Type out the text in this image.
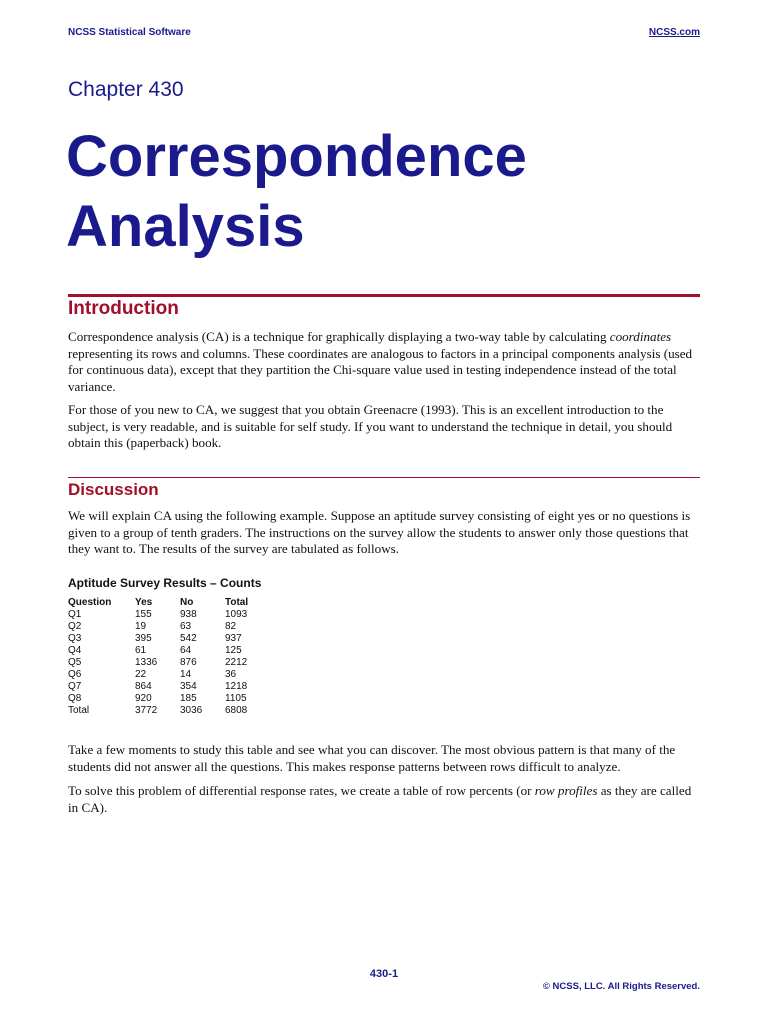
NCSS Statistical Software	NCSS.com
Chapter 430
Correspondence
Analysis
Introduction

Correspondence analysis (CA) is a technique for graphically displaying a two-way table by calculating coordinates representing its rows and columns. These coordinates are analogous to factors in a principal components analysis (used for continuous data), except that they partition the Chi-square value used in testing independence instead of the total variance.

For those of you new to CA, we suggest that you obtain Greenacre (1993). This is an excellent introduction to the subject, is very readable, and is suitable for self study. If you want to understand the technique in detail, you should obtain this (paperback) book.

Discussion

We will explain CA using the following example. Suppose an aptitude survey consisting of eight yes or no questions is given to a group of tenth graders. The instructions on the survey allow the students to answer only those questions that they want to. The results of the survey are tabulated as follows.

Aptitude Survey Results – Counts
Question	Yes	No	Total
Q1	155	938	1093
Q2	19	63	82
Q3	395	542	937
Q4	61	64	125
Q5	1336	876	2212
Q6	22	14	36
Q7	864	354	1218
Q8	920	185	1105
Total	3772	3036	6808

Take a few moments to study this table and see what you can discover. The most obvious pattern is that many of the students did not answer all the questions. This makes response patterns between rows difficult to analyze.

To solve this problem of differential response rates, we create a table of row percents (or row profiles as they are called in CA).

430-1
© NCSS, LLC. All Rights Reserved.
